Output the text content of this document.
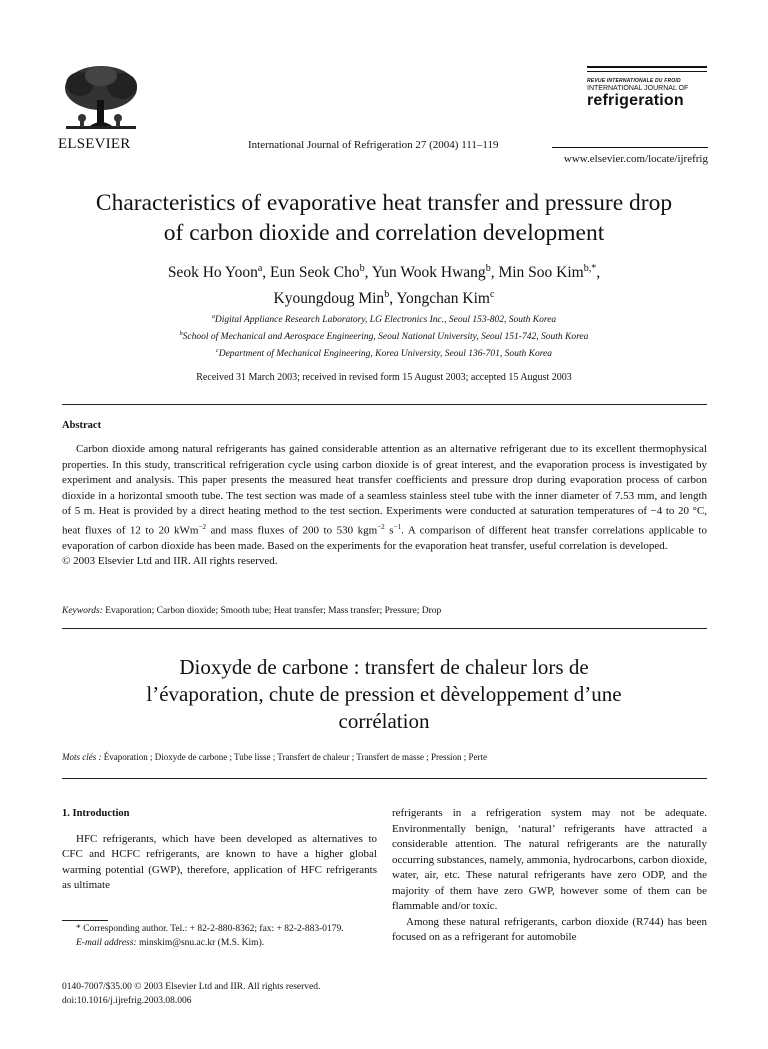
ELSEVIER	International Journal of Refrigeration 27 (2004) 111–119
REVUE INTERNATIONALE DU FROID
INTERNATIONAL JOURNAL OF
refrigeration
www.elsevier.com/locate/ijrefrig
Characteristics of evaporative heat transfer and pressure drop
of carbon dioxide and correlation development
Seok Ho Yoon$^a$, Eun Seok Cho$^b$, Yun Wook Hwang$^b$, Min Soo Kim$^{b,*}$,
Kyoungdoug Min$^b$, Yongchan Kim$^c$
$^a$Digital Appliance Research Laboratory, LG Electronics Inc., Seoul 153-802, South Korea
$^b$School of Mechanical and Aerospace Engineering, Seoul National University, Seoul 151-742, South Korea
$^c$Department of Mechanical Engineering, Korea University, Seoul 136-701, South Korea
Received 31 March 2003; received in revised form 15 August 2003; accepted 15 August 2003
Abstract

Carbon dioxide among natural refrigerants has gained considerable attention as an alternative refrigerant due to its excellent thermophysical properties. In this study, transcritical refrigeration cycle using carbon dioxide is of great interest, and the evaporation process is investigated by experiment and analysis. This paper presents the measured heat transfer coefficients and pressure drop during evaporation process of carbon dioxide in a horizontal smooth tube. The test section was made of a seamless stainless steel tube with the inner diameter of 7.53 mm, and length of 5 m. Heat is provided by a direct heating method to the test section. Experiments were conducted at saturation temperatures of −4 to 20 °C, heat fluxes of 12 to 20 kWm$^{-2}$ and mass fluxes of 200 to 530 kgm$^{-2}$ $s^{-1}$. A comparison of different heat transfer correlations applicable to evaporation of carbon dioxide has been made. Based on the experiments for the evaporation heat transfer, useful correlation is developed.

© 2003 Elsevier Ltd and IIR. All rights reserved.
Keywords: Evaporation; Carbon dioxide; Smooth tube; Heat transfer; Mass transfer; Pressure; Drop
Dioxyde de carbone : transfert de chaleur lors de
l’évaporation, chute de pression et dèveloppement d’une
corrélation
Mots clés : Évaporation ; Dioxyde de carbone ; Tube lisse ; Transfert de chaleur ; Transfert de masse ; Pression ; Perte

1. Introduction

HFC refrigerants, which have been developed as alternatives to CFC and HCFC refrigerants, are known to have a higher global warming potential (GWP), therefore, application of HFC refrigerants as ultimate

refrigerants in a refrigeration system may not be adequate. Environmentally benign, ‘natural’ refrigerants have attracted a considerable attention. The natural refrigerants are the naturally occurring substances, namely, ammonia, hydrocarbons, carbon dioxide, water, air, etc. These natural refrigerants have zero ODP, and the majority of them have zero GWP, however some of them can be flammable and/or toxic.

Among these natural refrigerants, carbon dioxide (R744) has been focused on as a refrigerant for automobile

* Corresponding author. Tel.: + 82-2-880-8362; fax: + 82-2-883-0179.
E-mail address: minskim@snu.ac.kr (M.S. Kim).
0140-7007/$35.00 © 2003 Elsevier Ltd and IIR. All rights reserved.
doi:10.1016/j.ijrefrig.2003.08.006
